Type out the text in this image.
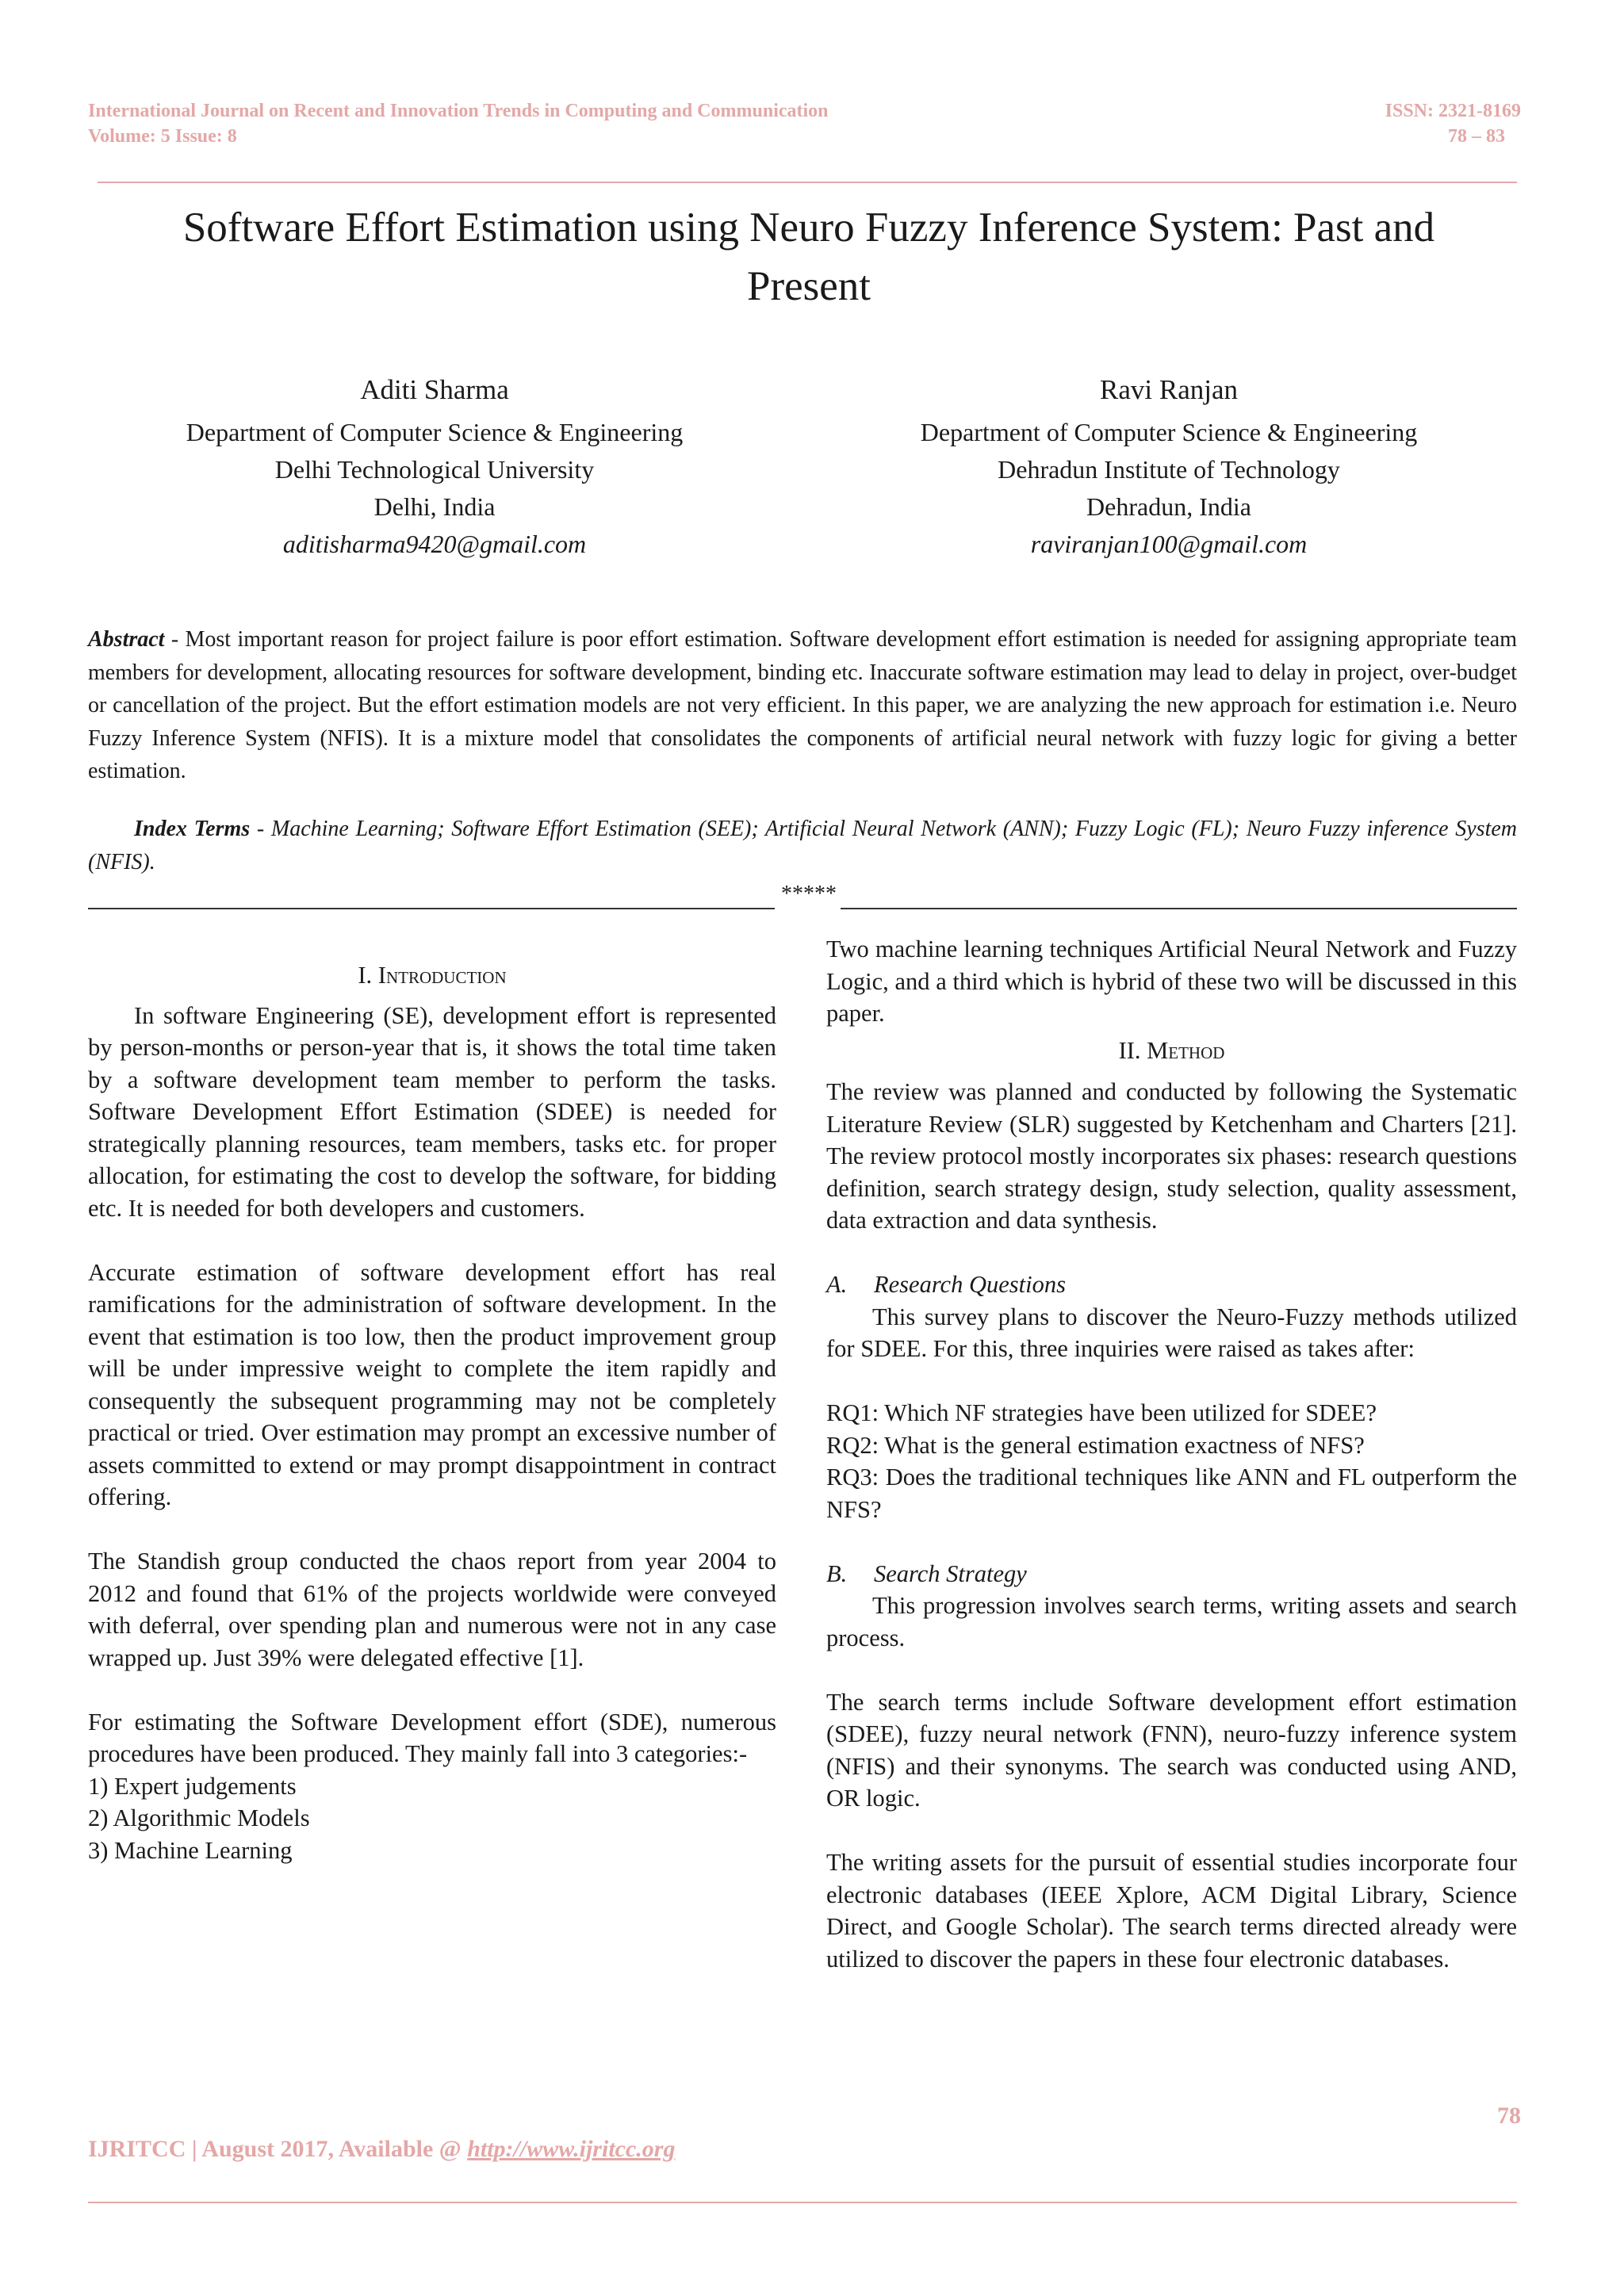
International Journal on Recent and Innovation Trends in Computing and Communication
Volume: 5 Issue: 8
ISSN: 2321-8169
78 – 83
Software Effort Estimation using Neuro Fuzzy Inference System: Past and Present
Aditi Sharma
Department of Computer Science & Engineering
Delhi Technological University
Delhi, India
aditisharma9420@gmail.com
Ravi Ranjan
Department of Computer Science & Engineering
Dehradun Institute of Technology
Dehradun, India
raviranjan100@gmail.com
Abstract - Most important reason for project failure is poor effort estimation. Software development effort estimation is needed for assigning appropriate team members for development, allocating resources for software development, binding etc. Inaccurate software estimation may lead to delay in project, over-budget or cancellation of the project. But the effort estimation models are not very efficient. In this paper, we are analyzing the new approach for estimation i.e. Neuro Fuzzy Inference System (NFIS). It is a mixture model that consolidates the components of artificial neural network with fuzzy logic for giving a better estimation.
Index Terms - Machine Learning; Software Effort Estimation (SEE); Artificial Neural Network (ANN); Fuzzy Logic (FL); Neuro Fuzzy inference System (NFIS).
*****

I. Introduction

In software Engineering (SE), development effort is represented by person-months or person-year that is, it shows the total time taken by a software development team member to perform the tasks. Software Development Effort Estimation (SDEE) is needed for strategically planning resources, team members, tasks etc. for proper allocation, for estimating the cost to develop the software, for bidding etc. It is needed for both developers and customers.

Accurate estimation of software development effort has real ramifications for the administration of software development. In the event that estimation is too low, then the product improvement group will be under impressive weight to complete the item rapidly and consequently the subsequent programming may not be completely practical or tried. Over estimation may prompt an excessive number of assets committed to extend or may prompt disappointment in contract offering.

The Standish group conducted the chaos report from year 2004 to 2012 and found that 61% of the projects worldwide were conveyed with deferral, over spending plan and numerous were not in any case wrapped up. Just 39% were delegated effective [1].

For estimating the Software Development effort (SDE), numerous procedures have been produced. They mainly fall into 3 categories:-

1) Expert judgements

2) Algorithmic Models

3) Machine Learning

Two machine learning techniques Artificial Neural Network and Fuzzy Logic, and a third which is hybrid of these two will be discussed in this paper.

II. Method

The review was planned and conducted by following the Systematic Literature Review (SLR) suggested by Ketchenham and Charters [21]. The review protocol mostly incorporates six phases: research questions definition, search strategy design, study selection, quality assessment, data extraction and data synthesis.

A. Research Questions

This survey plans to discover the Neuro-Fuzzy methods utilized for SDEE. For this, three inquiries were raised as takes after:

RQ1: Which NF strategies have been utilized for SDEE?

RQ2: What is the general estimation exactness of NFS?

RQ3: Does the traditional techniques like ANN and FL outperform the NFS?

B. Search Strategy

This progression involves search terms, writing assets and search process.

The search terms include Software development effort estimation (SDEE), fuzzy neural network (FNN), neuro-fuzzy inference system (NFIS) and their synonyms. The search was conducted using AND, OR logic.

The writing assets for the pursuit of essential studies incorporate four electronic databases (IEEE Xplore, ACM Digital Library, Science Direct, and Google Scholar). The search terms directed already were utilized to discover the papers in these four electronic databases.

78
IJRITCC | August 2017, Available @ http://www.ijritcc.org
